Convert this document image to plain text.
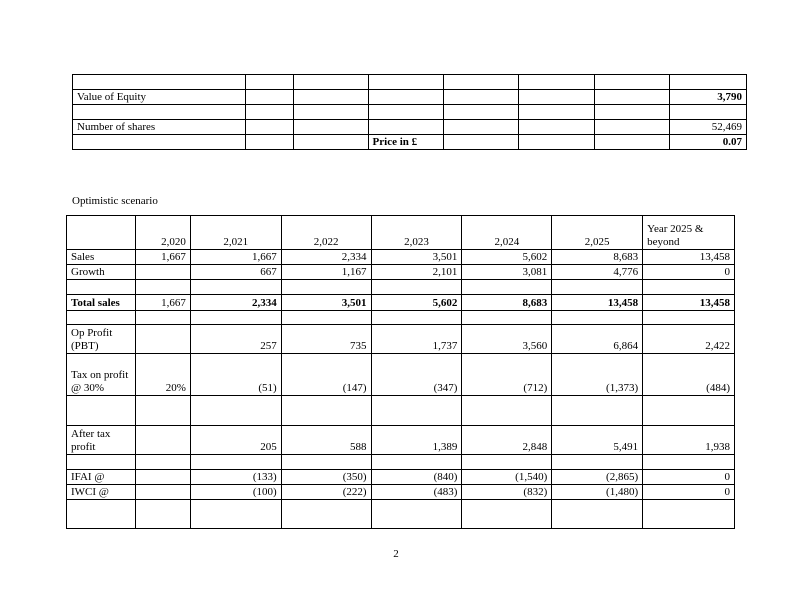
Value of Equity							3,790

Number of shares							52,469
			Price in £				0.07
Optimistic scenario
	2,020	2,021	2,022	2,023	2,024	2,025	Year 2025 & beyond
Sales	1,667	1,667	2,334	3,501	5,602	8,683	13,458
Growth		667	1,167	2,101	3,081	4,776	0

Total sales	1,667	2,334	3,501	5,602	8,683	13,458	13,458

Op Profit (PBT)		257	735	1,737	3,560	6,864	2,422
Tax on profit @ 30%	20%	(51)	(147)	(347)	(712)	(1,373)	(484)

After tax profit		205	588	1,389	2,848	5,491	1,938

IFAI @		(133)	(350)	(840)	(1,540)	(2,865)	0
IWCI @		(100)	(222)	(483)	(832)	(1,480)	0

2
